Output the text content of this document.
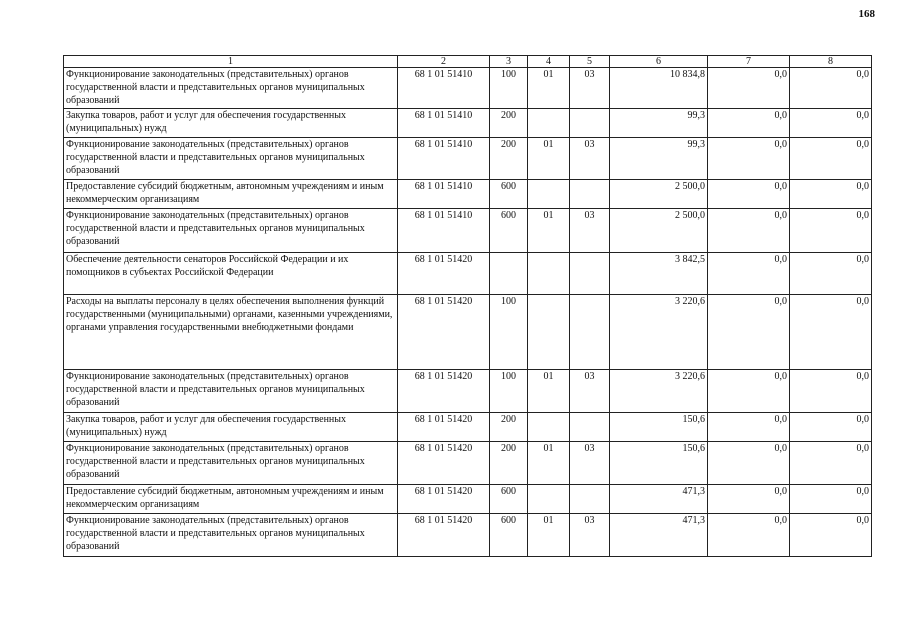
168
1	2	3	4	5	6	7	8
Функционирование законодательных (представительных) органов государственной власти и представительных органов муниципальных образований	68 1 01 51410	100	01	03	10 834,8	0,0	0,0
Закупка товаров, работ и услуг для обеспечения государственных (муниципальных) нужд	68 1 01 51410	200			99,3	0,0	0,0
Функционирование законодательных (представительных) органов государственной власти и представительных органов муниципальных образований	68 1 01 51410	200	01	03	99,3	0,0	0,0
Предоставление субсидий бюджетным, автономным учреждениям и иным некоммерческим организациям	68 1 01 51410	600			2 500,0	0,0	0,0
Функционирование законодательных (представительных) органов государственной власти и представительных органов муниципальных образований	68 1 01 51410	600	01	03	2 500,0	0,0	0,0
Обеспечение деятельности сенаторов Российской Федерации и их помощников в субъектах Российской Федерации	68 1 01 51420				3 842,5	0,0	0,0
Расходы на выплаты персоналу в целях обеспечения выполнения функций государственными (муниципальными) органами, казенными учреждениями, органами управления государственными внебюджетными фондами	68 1 01 51420	100			3 220,6	0,0	0,0
Функционирование законодательных (представительных) органов государственной власти и представительных органов муниципальных образований	68 1 01 51420	100	01	03	3 220,6	0,0	0,0
Закупка товаров, работ и услуг для обеспечения государственных (муниципальных) нужд	68 1 01 51420	200			150,6	0,0	0,0
Функционирование законодательных (представительных) органов государственной власти и представительных органов муниципальных образований	68 1 01 51420	200	01	03	150,6	0,0	0,0
Предоставление субсидий бюджетным, автономным учреждениям и иным некоммерческим организациям	68 1 01 51420	600			471,3	0,0	0,0
Функционирование законодательных (представительных) органов государственной власти и представительных органов муниципальных образований	68 1 01 51420	600	01	03	471,3	0,0	0,0
